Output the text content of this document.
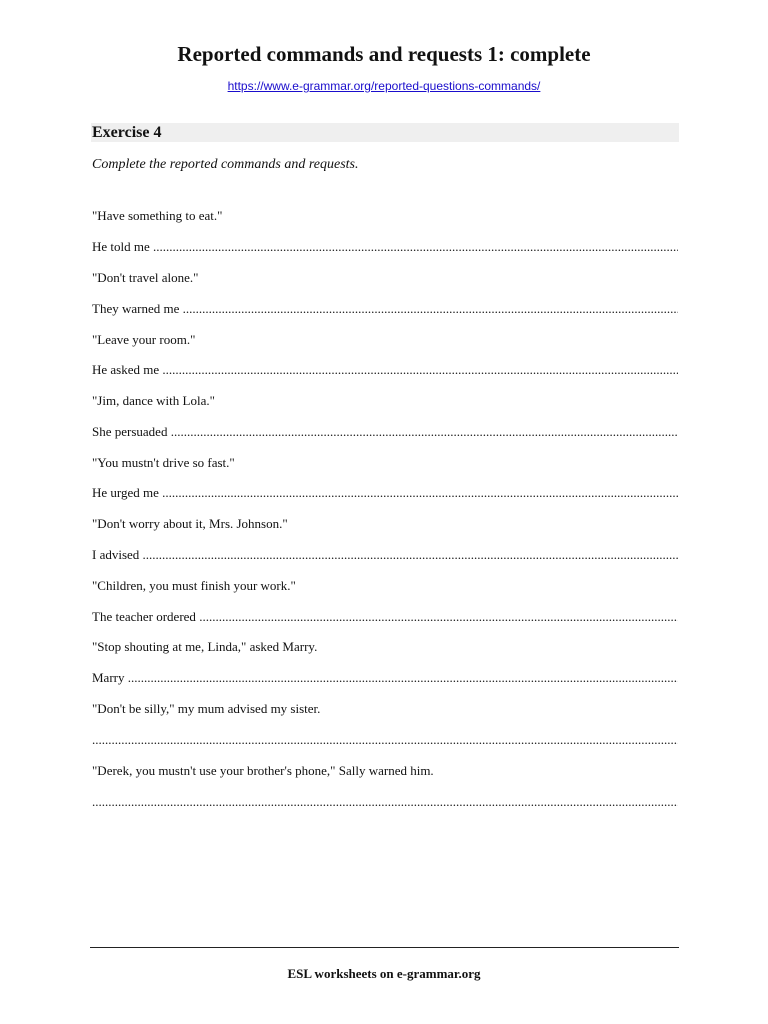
Reported commands and requests 1: complete
https://www.e-grammar.org/reported-questions-commands/
Exercise 4
Complete the reported commands and requests.
"Have something to eat."
He told me .....
"Don't travel alone."
They warned me .....
"Leave your room."
He asked me .....
"Jim, dance with Lola."
She persuaded .....
"You mustn't drive so fast."
He urged me .....
"Don't worry about it, Mrs. Johnson."
I advised .....
"Children, you must finish your work."
The teacher ordered .....
"Stop shouting at me, Linda," asked Marry.
Marry .....
"Don't be silly," my mum advised my sister.
.....
"Derek, you mustn't use your brother's phone," Sally warned him.
.....
ESL worksheets on e-grammar.org
